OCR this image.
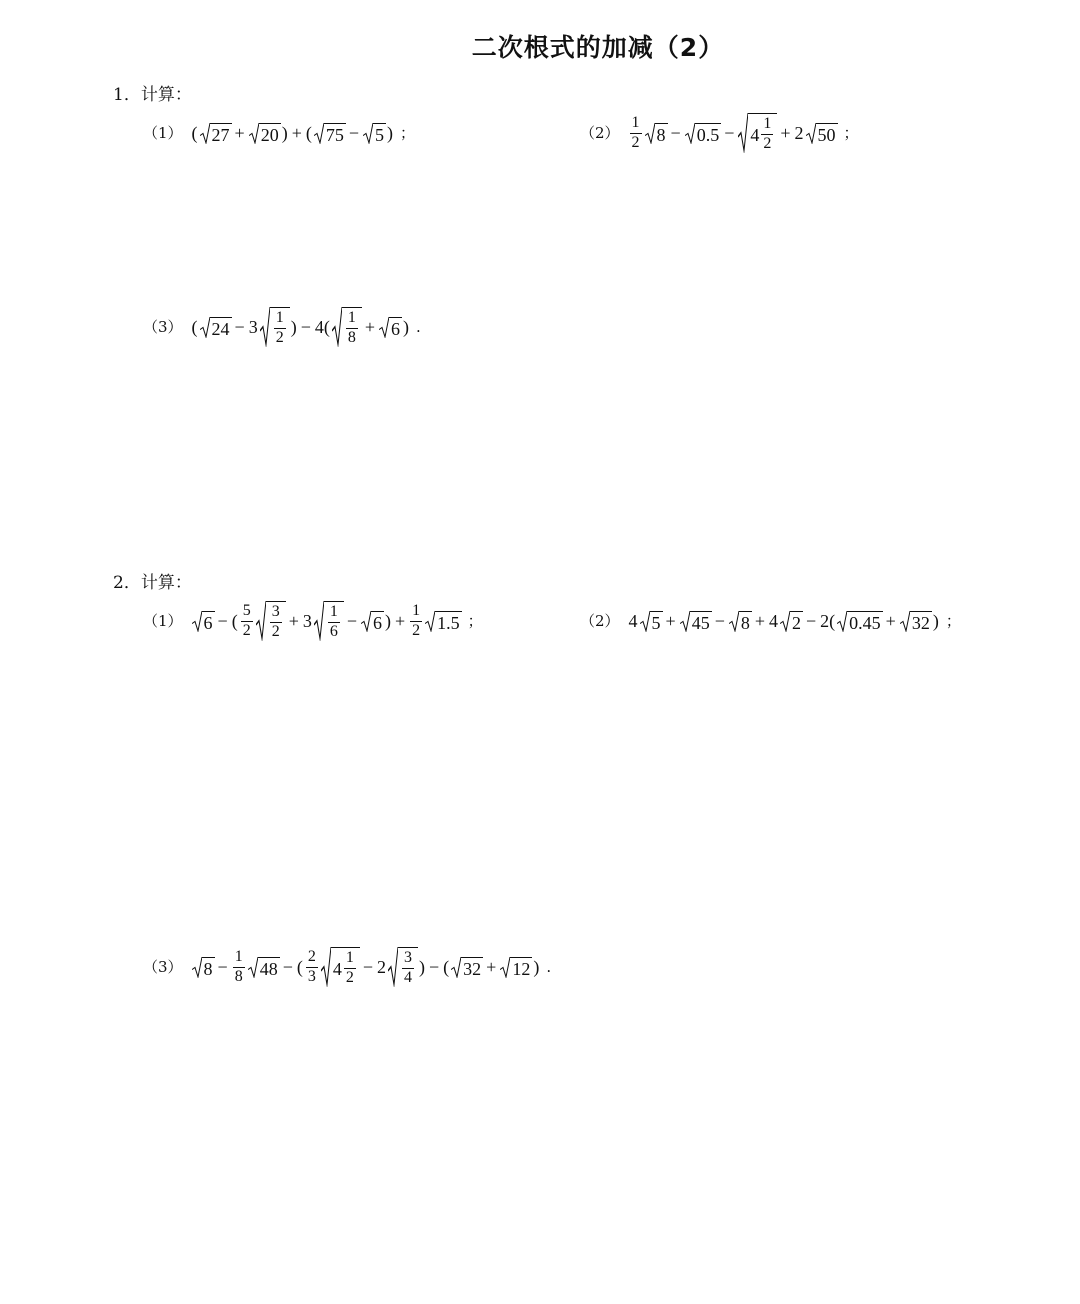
二次根式的加减（2）
1．计算：
（1） ( 27 + 20 ) + ( 75 − 5 ) ；	$(2) \frac{1}{2} 8 - 0.5 - 4 \frac{1}{2} + 2$ 50 ；
（3） ( $24 - 3 \frac{1}{2}$ ) − $4( \frac{1}{8} + 6$ ) .
2．计算：
（1） 6 − ( $\frac{5}{2} \frac{3}{2} + 3 \frac{1}{6} - 6$ ) + $\frac{1}{2} 1.5$ ；	（2） 4 5 + 45 − 8 + 4 2 − 2( 0.45 + 32 ) ；
（3） $8 - \frac{1}{8} 48$ − ( $\frac{2}{3} 4 \frac{1}{2} - 2 \frac{3}{4}$ ) − ( 32 + 12 ) .
